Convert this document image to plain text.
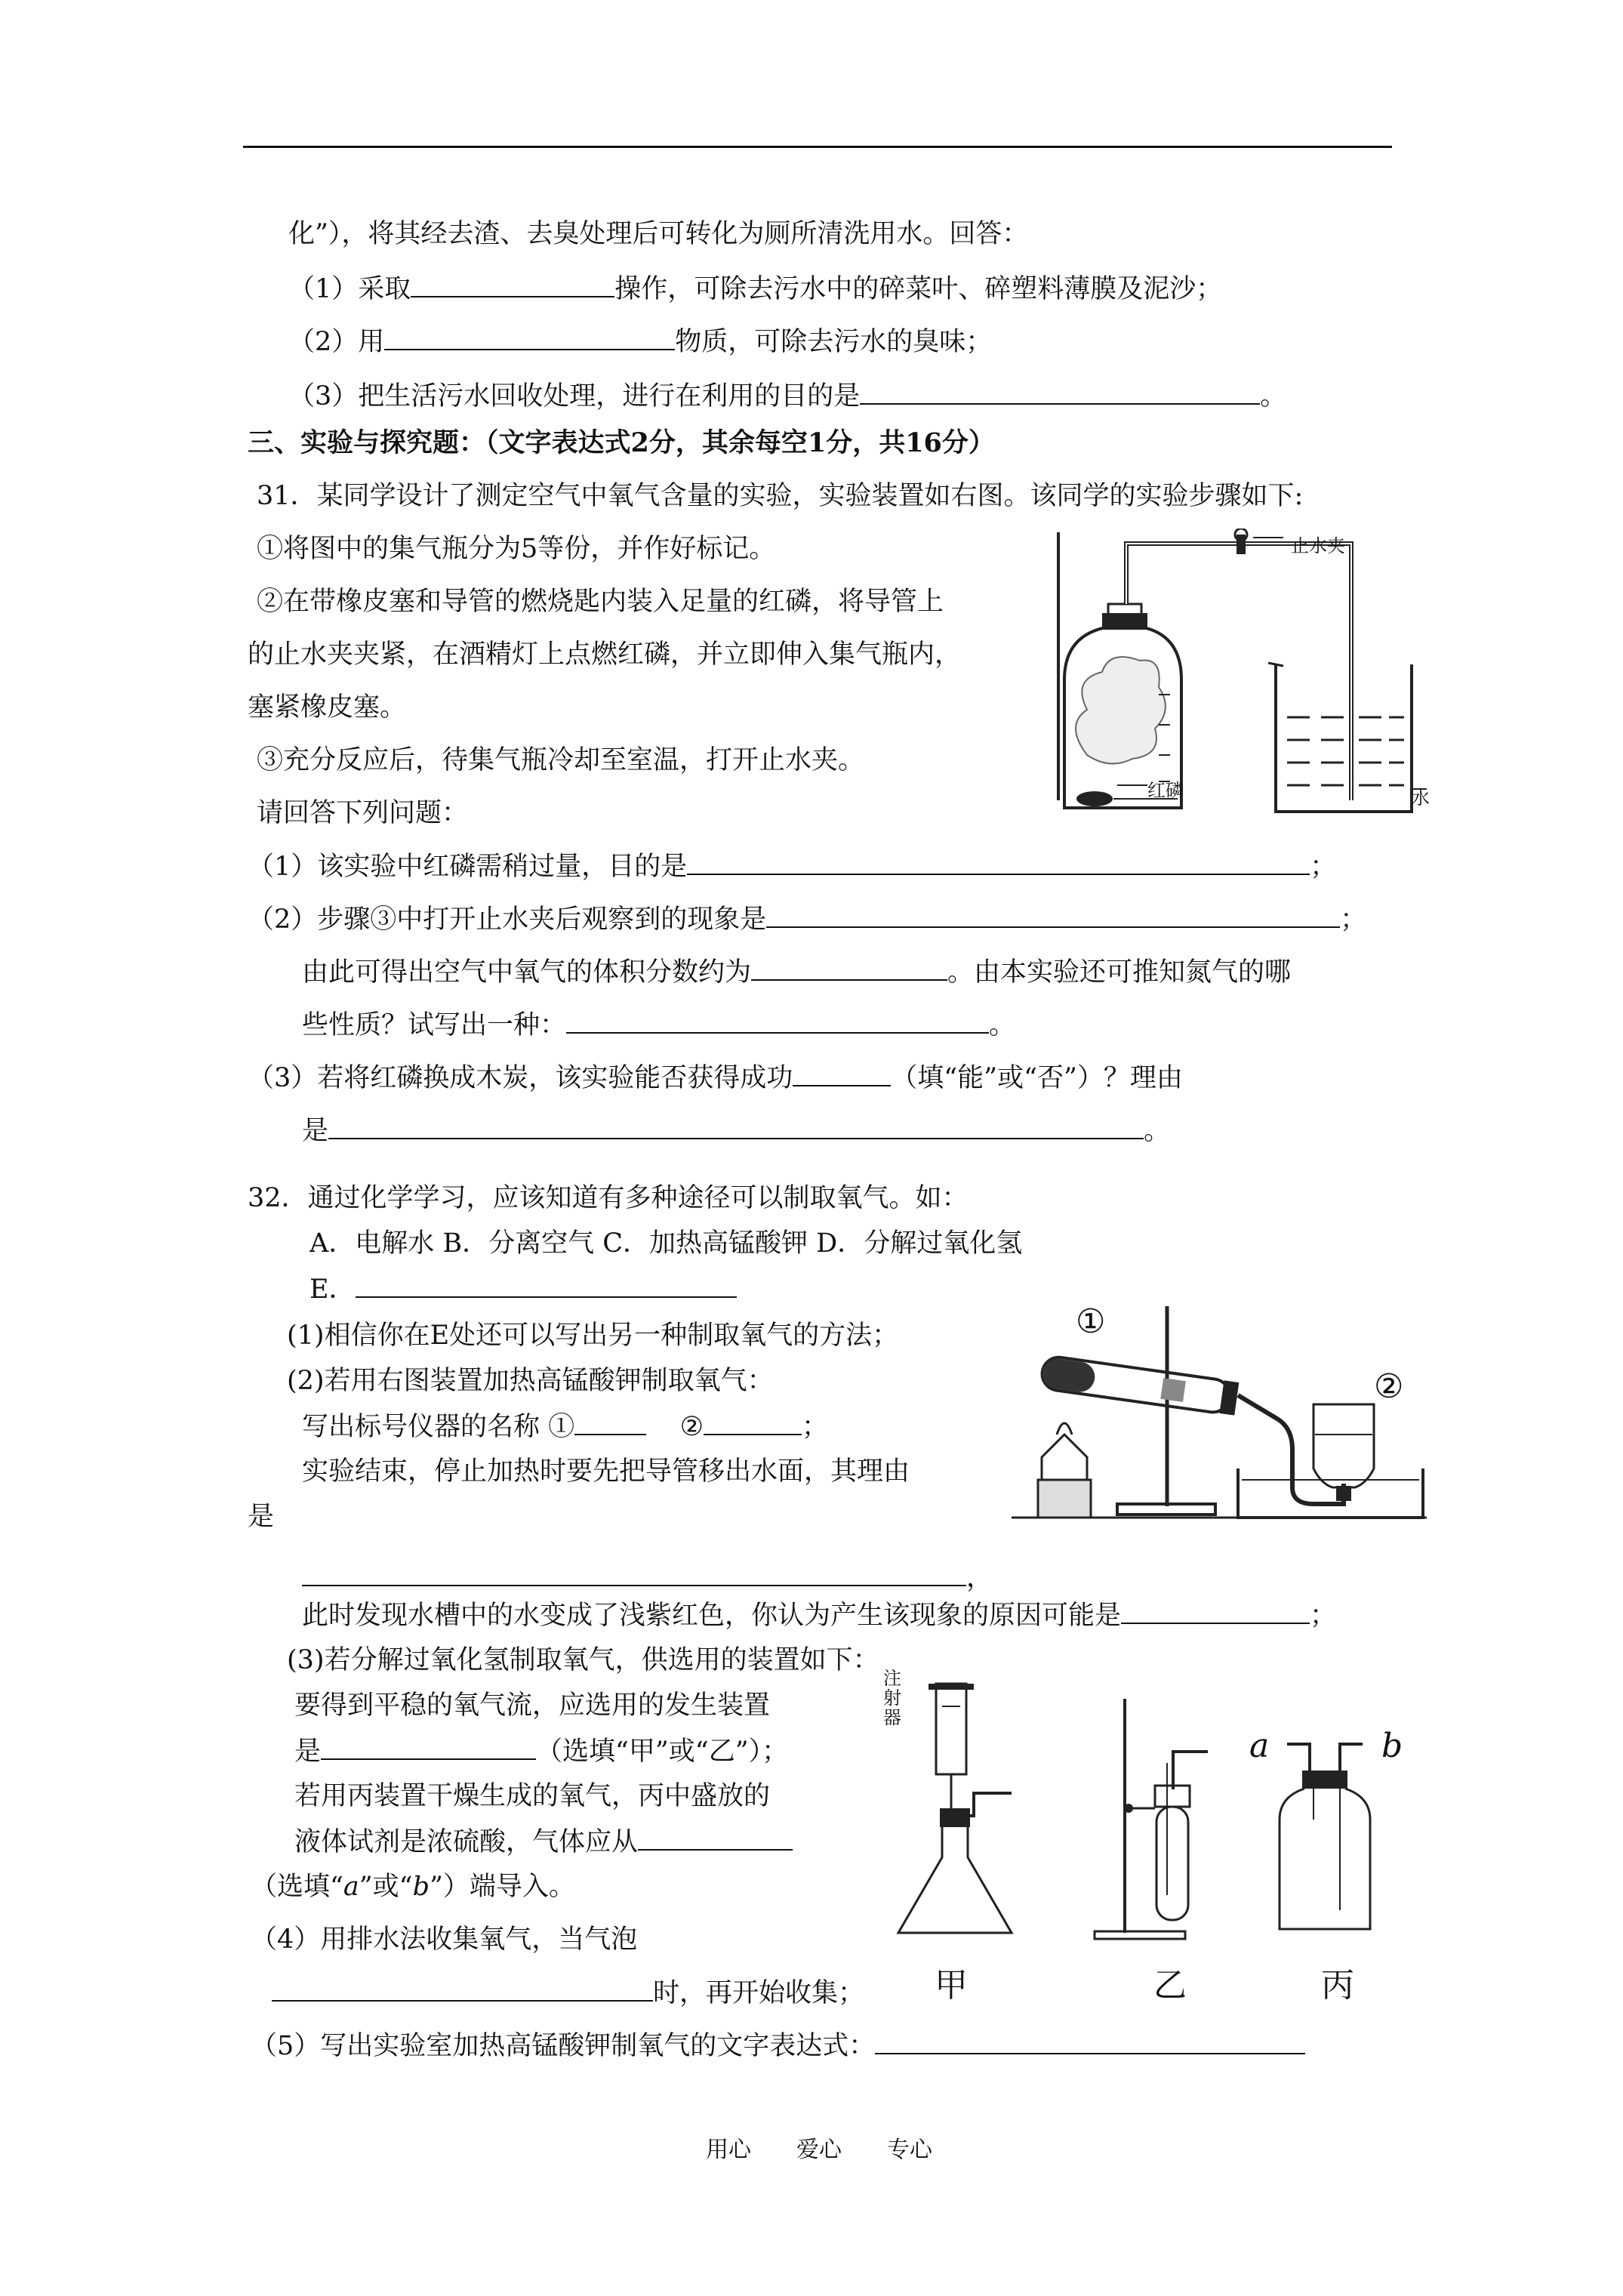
化”），将其经去渣、去臭处理后可转化为厕所清洗用水。回答：
（1）采取	操作，可除去污水中的碎菜叶、碎塑料薄膜及泥沙；
（2）用	物质，可除去污水的臭味；
（3）把生活污水回收处理，进行在利用的目的是	。
三、实验与探究题：（文字表达式2分，其余每空1分，共16分）
31．某同学设计了测定空气中氧气含量的实验，实验装置如右图。该同学的实验步骤如下:
①将图中的集气瓶分为5等份，并作好标记。
②在带橡皮塞和导管的燃烧匙内装入足量的红磷，将导管上
的止水夹夹紧，在酒精灯上点燃红磷，并立即伸入集气瓶内，
塞紧橡皮塞。
③充分反应后，待集气瓶冷却至室温，打开止水夹。
请回答下列问题：
止水夹
红磷	水
（1）该实验中红磷需稍过量，目的是	；
（2）步骤③中打开止水夹后观察到的现象是	；
由此可得出空气中氧气的体积分数约为	。由本实验还可推知氮气的哪
些性质？试写出一种：	。
（3）若将红磷换成木炭，该实验能否获得成功	（填“能”或“否”）？理由
是	。
32．通过化学学习，应该知道有多种途径可以制取氧气。如：
A．电解水 B．分离空气 C．加热高锰酸钾 D．分解过氧化氢
E．
(1)相信你在E处还可以写出另一种制取氧气的方法；
(2)若用右图装置加热高锰酸钾制取氧气：
写出标号仪器的名称 ①	②	；
实验结束，停止加热时要先把导管移出水面，其理由
是
，
①
②
此时发现水槽中的水变成了浅紫红色，你认为产生该现象的原因可能是	；
(3)若分解过氧化氢制取氧气，供选用的装置如下：
要得到平稳的氧气流，应选用的发生装置
是	（选填“甲”或“乙”）；
若用丙装置干燥生成的氧气，丙中盛放的
液体试剂是浓硫酸，气体应从
（选填“a”或“b”）端导入。
注射器
a	b
甲	乙	丙
（4）用排水法收集氧气，当气泡
时，再开始收集；
（5）写出实验室加热高锰酸钾制氧气的文字表达式：
用心　　爱心　　专心
